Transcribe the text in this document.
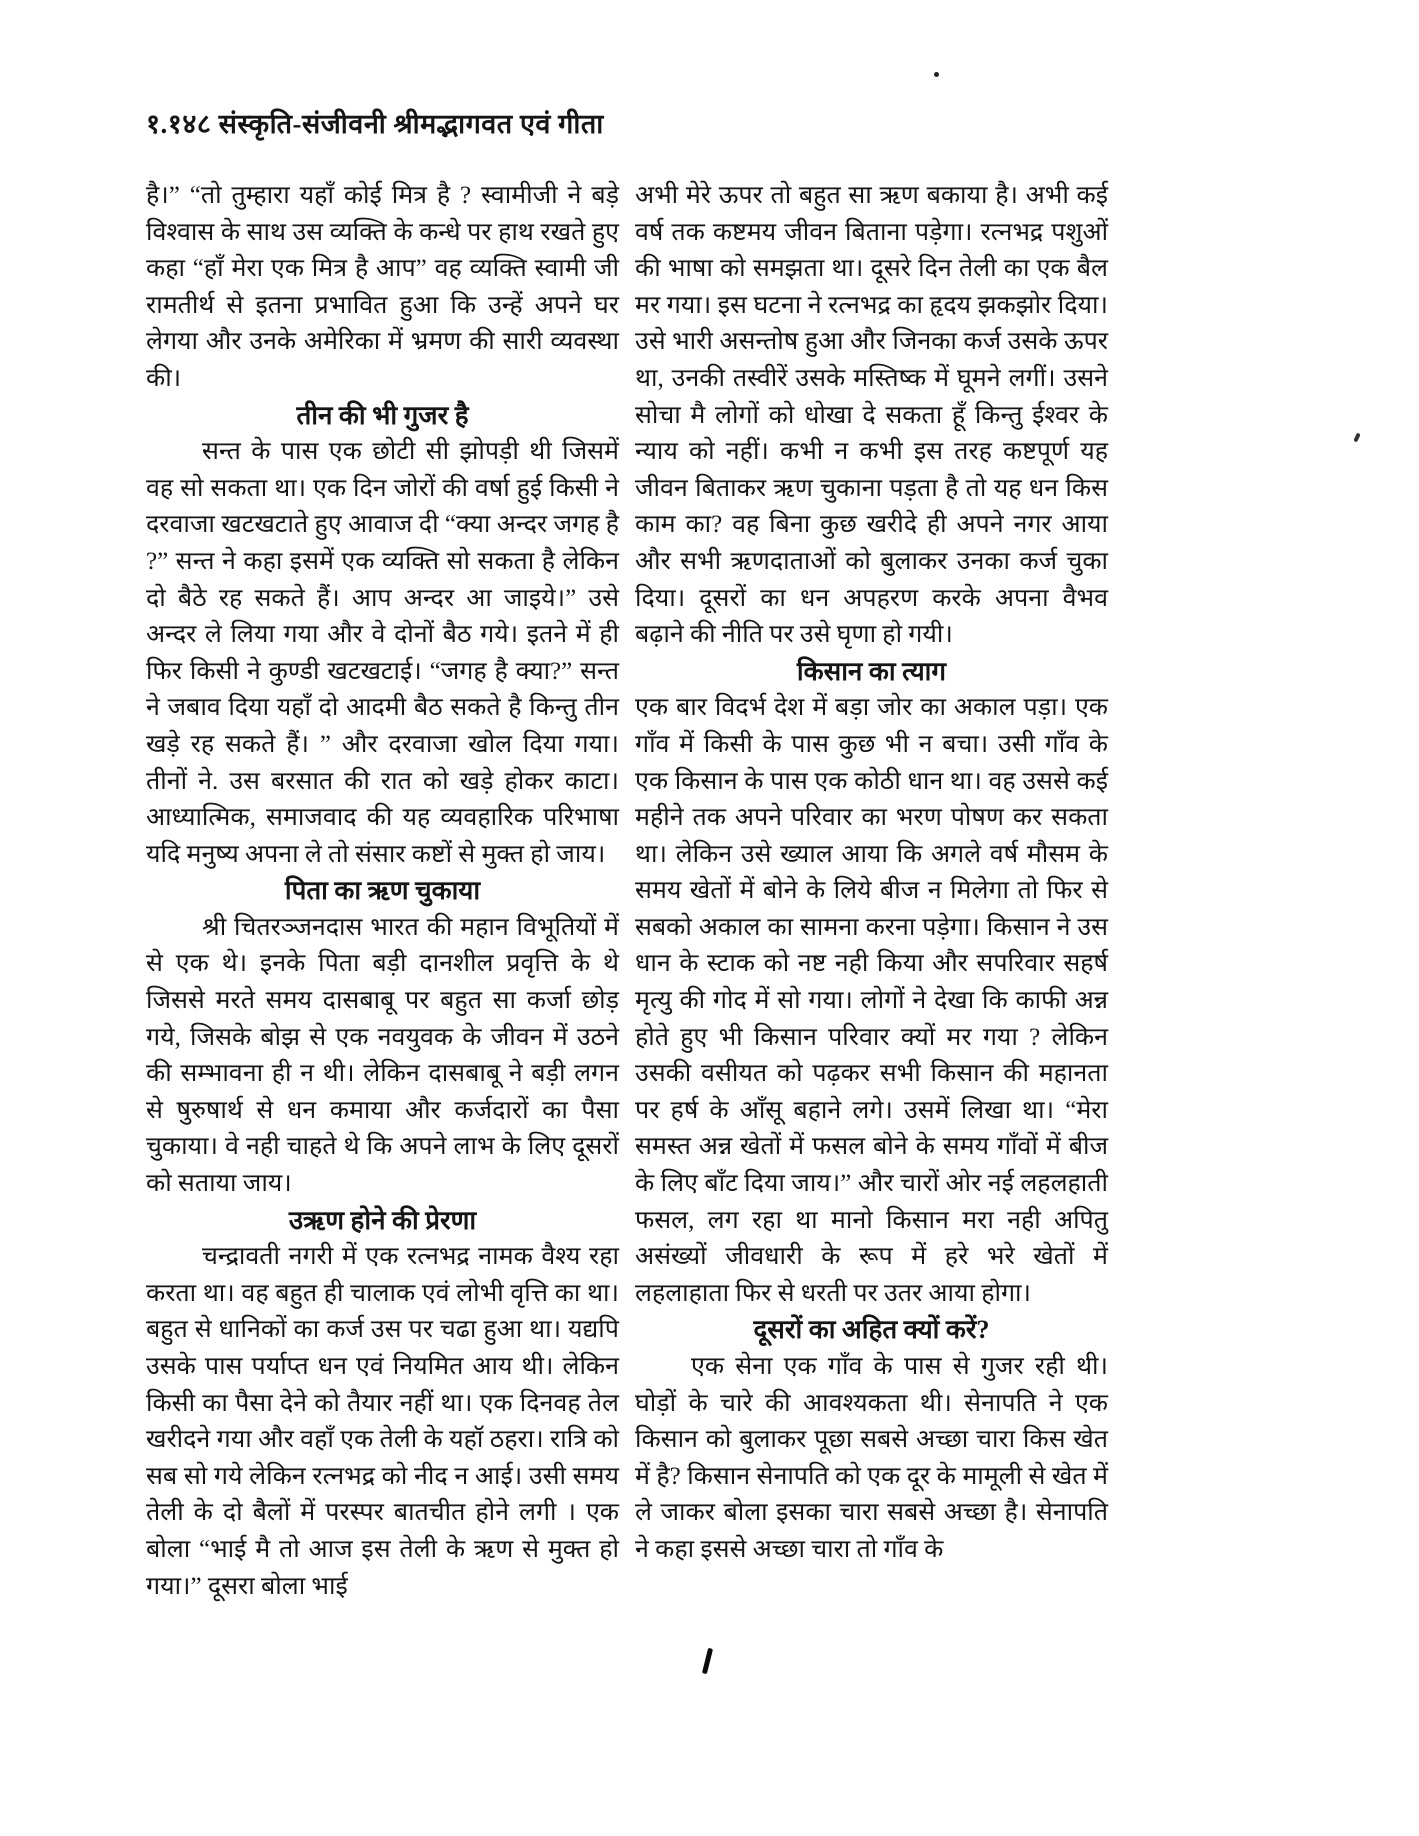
१.१४८ संस्कृति-संजीवनी श्रीमद्भागवत एवं गीता

है।” “तो तुम्हारा यहाँ कोई मित्र है ? स्वामीजी ने बड़े विश्वास के साथ उस व्यक्ति के कन्धे पर हाथ रखते हुए कहा “हाँ मेरा एक मित्र है आप” वह व्यक्ति स्वामी जी रामतीर्थ से इतना प्रभावित हुआ कि उन्हें अपने घर लेगया और उनके अमेरिका में भ्रमण की सारी व्यवस्था की।

तीन की भी गुजर है

सन्त के पास एक छोटी सी झोपड़ी थी जिसमें वह सो सकता था। एक दिन जोरों की वर्षा हुई किसी ने दरवाजा खटखटाते हुए आवाज दी “क्या अन्दर जगह है ?” सन्त ने कहा इसमें एक व्यक्ति सो सकता है लेकिन दो बैठे रह सकते हैं। आप अन्दर आ जाइये।” उसे अन्दर ले लिया गया और वे दोनों बैठ गये। इतने में ही फिर किसी ने कुण्डी खटखटाई। “जगह है क्या?” सन्त ने जबाव दिया यहाँ दो आदमी बैठ सकते है किन्तु तीन खड़े रह सकते हैं। ” और दरवाजा खोल दिया गया। तीनों ने. उस बरसात की रात को खड़े होकर काटा। आध्यात्मिक, समाजवाद की यह व्यवहारिक परिभाषा यदि मनुष्य अपना ले तो संसार कष्टों से मुक्त हो जाय।

पिता का ऋण चुकाया

श्री चितरञ्जनदास भारत की महान विभूतियों में से एक थे। इनके पिता बड़ी दानशील प्रवृत्ति के थे जिससे मरते समय दासबाबू पर बहुत सा कर्जा छोड़ गये, जिसके बोझ से एक नवयुवक के जीवन में उठने की सम्भावना ही न थी। लेकिन दासबाबू ने बड़ी लगन से षुरुषार्थ से धन कमाया और कर्जदारों का पैसा चुकाया। वे नही चाहते थे कि अपने लाभ के लिए दूसरों को सताया जाय।

उऋण होने की प्रेरणा

चन्द्रावती नगरी में एक रत्नभद्र नामक वैश्य रहा करता था। वह बहुत ही चालाक एवं लोभी वृत्ति का था। बहुत से धानिकों का कर्ज उस पर चढा हुआ था। यद्यपि उसके पास पर्याप्त धन एवं नियमित आय थी। लेकिन किसी का पैसा देने को तैयार नहीं था। एक दिनवह तेल खरीदने गया और वहाँ एक तेली के यहॉ ठहरा। रात्रि को सब सो गये लेकिन रत्नभद्र को नीद न आई। उसी समय तेली के दो बैलों में परस्पर बातचीत होने लगी । एक बोला “भाई मै तो आज इस तेली के ऋण से मुक्त हो गया।” दूसरा बोला भाई

अभी मेरे ऊपर तो बहुत सा ऋण बकाया है। अभी कई वर्ष तक कष्टमय जीवन बिताना पड़ेगा। रत्नभद्र पशुओं की भाषा को समझता था। दूसरे दिन तेली का एक बैल मर गया। इस घटना ने रत्नभद्र का हृदय झकझोर दिया। उसे भारी असन्तोष हुआ और जिनका कर्ज उसके ऊपर था, उनकी तस्वीरें उसके मस्तिष्क में घूमने लगीं। उसने सोचा मै लोगों को धोखा दे सकता हूँ किन्तु ईश्वर के न्याय को नहीं। कभी न कभी इस तरह कष्टपूर्ण यह जीवन बिताकर ऋण चुकाना पड़ता है तो यह धन किस काम का? वह बिना कुछ खरीदे ही अपने नगर आया और सभी ऋणदाताओं को बुलाकर उनका कर्ज चुका दिया। दूसरों का धन अपहरण करके अपना वैभव बढ़ाने की नीति पर उसे घृणा हो गयी।

किसान का त्याग

एक बार विदर्भ देश में बड़ा जोर का अकाल पड़ा। एक गाँव में किसी के पास कुछ भी न बचा। उसी गाँव के एक किसान के पास एक कोठी धान था। वह उससे कई महीने तक अपने परिवार का भरण पोषण कर सकता था। लेकिन उसे ख्याल आया कि अगले वर्ष मौसम के समय खेतों में बोने के लिये बीज न मिलेगा तो फिर से सबको अकाल का सामना करना पड़ेगा। किसान ने उस धान के स्टाक को नष्ट नही किया और सपरिवार सहर्ष मृत्यु की गोद में सो गया। लोगों ने देखा कि काफी अन्न होते हुए भी किसान परिवार क्यों मर गया ? लेकिन उसकी वसीयत को पढ़कर सभी किसान की महानता पर हर्ष के आँसू बहाने लगे। उसमें लिखा था। “मेरा समस्त अन्न खेतों में फसल बोने के समय गाँवों में बीज के लिए बाँट दिया जाय।” और चारों ओर नई लहलहाती फसल, लग रहा था मानो किसान मरा नही अपितु असंख्यों जीवधारी के रूप में हरे भरे खेतों में लहलाहाता फिर से धरती पर उतर आया होगा।

दूसरों का अहित क्यों करें?

एक सेना एक गाँव के पास से गुजर रही थी। घोड़ों के चारे की आवश्यकता थी। सेनापति ने एक किसान को बुलाकर पूछा सबसे अच्छा चारा किस खेत में है? किसान सेनापति को एक दूर के मामूली से खेत में ले जाकर बोला इसका चारा सबसे अच्छा है। सेनापति ने कहा इससे अच्छा चारा तो गाँव के
